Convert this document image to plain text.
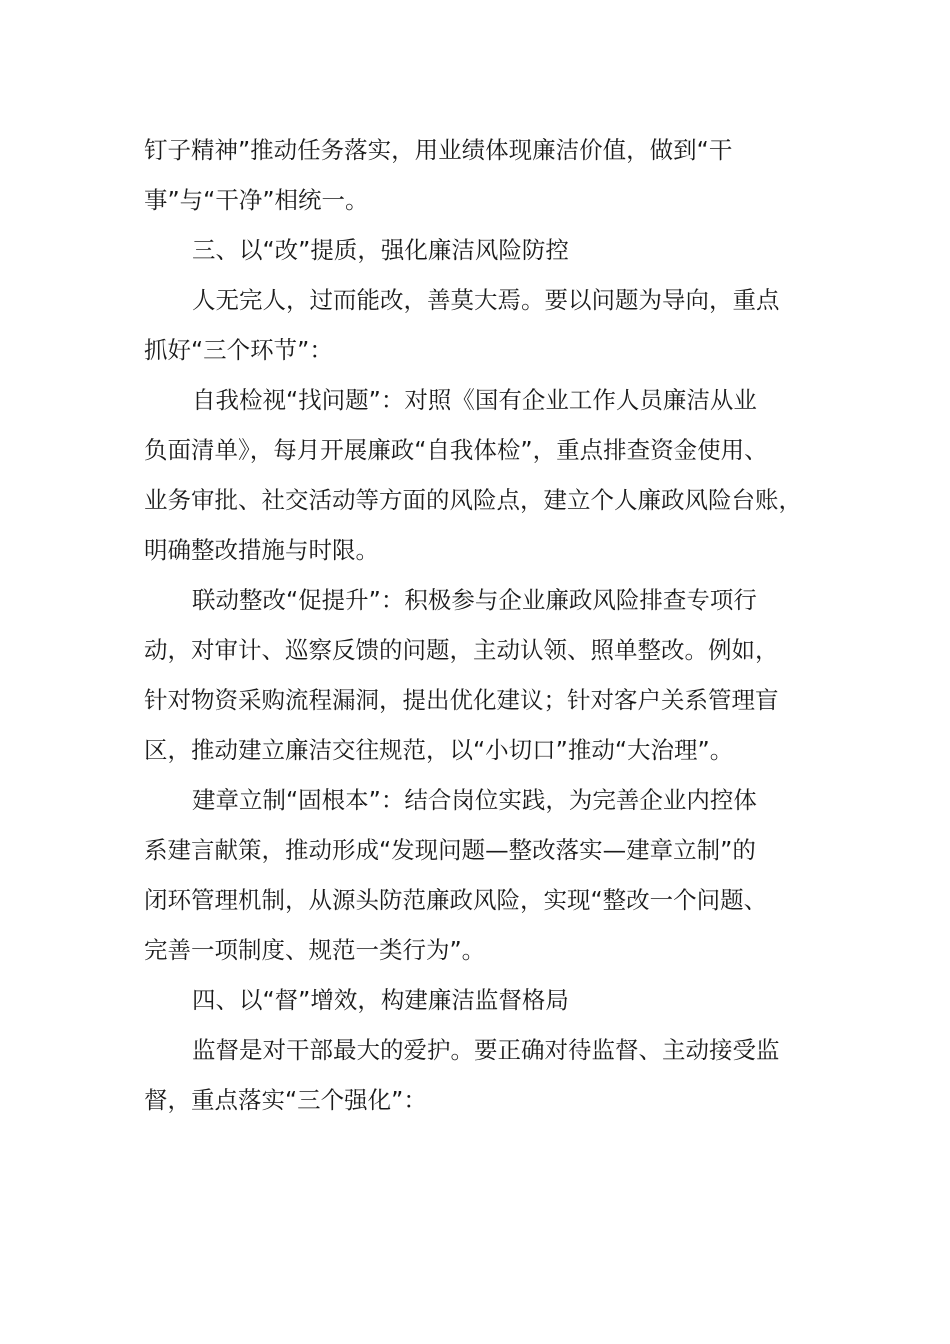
钉子精神”推动任务落实，用业绩体现廉洁价值，做到“干
事”与“干净”相统一。
三、以“改”提质，强化廉洁风险防控
人无完人，过而能改，善莫大焉。要以问题为导向，重点
抓好“三个环节”：
自我检视“找问题”：对照《国有企业工作人员廉洁从业
负面清单》，每月开展廉政“自我体检”，重点排查资金使用、
业务审批、社交活动等方面的风险点，建立个人廉政风险台账，
明确整改措施与时限。
联动整改“促提升”：积极参与企业廉政风险排查专项行
动，对审计、巡察反馈的问题，主动认领、照单整改。例如，
针对物资采购流程漏洞，提出优化建议；针对客户关系管理盲
区，推动建立廉洁交往规范，以“小切口”推动“大治理”。
建章立制“固根本”：结合岗位实践，为完善企业内控体
系建言献策，推动形成“发现问题—整改落实—建章立制”的
闭环管理机制，从源头防范廉政风险，实现“整改一个问题、
完善一项制度、规范一类行为”。
四、以“督”增效，构建廉洁监督格局
监督是对干部最大的爱护。要正确对待监督、主动接受监
督，重点落实“三个强化”：
